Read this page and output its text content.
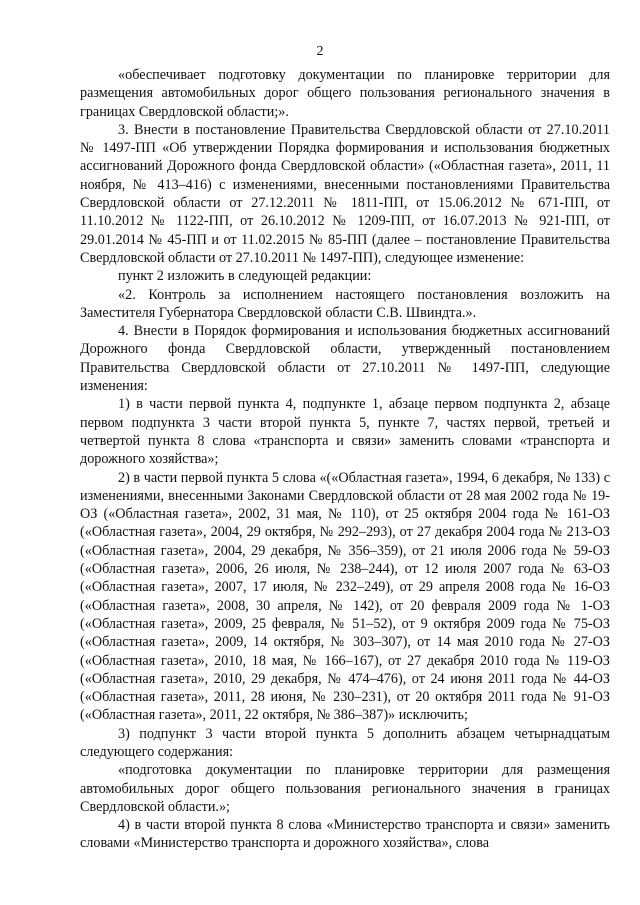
2

«обеспечивает подготовку документации по планировке территории для размещения автомобильных дорог общего пользования регионального значения в границах Свердловской области;».

3. Внести в постановление Правительства Свердловской области от 27.10.2011 № 1497-ПП «Об утверждении Порядка формирования и использования бюджетных ассигнований Дорожного фонда Свердловской области» («Областная газета», 2011, 11 ноября, № 413–416) с изменениями, внесенными постановлениями Правительства Свердловской области от 27.12.2011 № 1811-ПП, от 15.06.2012 № 671-ПП, от 11.10.2012 № 1122-ПП, от 26.10.2012 № 1209-ПП, от 16.07.2013 № 921-ПП, от 29.01.2014 № 45-ПП и от 11.02.2015 № 85-ПП (далее – постановление Правительства Свердловской области от 27.10.2011 № 1497-ПП), следующее изменение:

пункт 2 изложить в следующей редакции:

«2. Контроль за исполнением настоящего постановления возложить на Заместителя Губернатора Свердловской области С.В. Швиндта.».

4. Внести в Порядок формирования и использования бюджетных ассигнований Дорожного фонда Свердловской области, утвержденный постановлением Правительства Свердловской области от 27.10.2011 № 1497-ПП, следующие изменения:

1) в части первой пункта 4, подпункте 1, абзаце первом подпункта 2, абзаце первом подпункта 3 части второй пункта 5, пункте 7, частях первой, третьей и четвертой пункта 8 слова «транспорта и связи» заменить словами «транспорта и дорожного хозяйства»;

2) в части первой пункта 5 слова «(«Областная газета», 1994, 6 декабря, № 133) с изменениями, внесенными Законами Свердловской области от 28 мая 2002 года № 19-ОЗ («Областная газета», 2002, 31 мая, № 110), от 25 октября 2004 года № 161-ОЗ («Областная газета», 2004, 29 октября, № 292–293), от 27 декабря 2004 года № 213-ОЗ («Областная газета», 2004, 29 декабря, № 356–359), от 21 июля 2006 года № 59-ОЗ («Областная газета», 2006, 26 июля, № 238–244), от 12 июля 2007 года № 63-ОЗ («Областная газета», 2007, 17 июля, № 232–249), от 29 апреля 2008 года № 16-ОЗ («Областная газета», 2008, 30 апреля, № 142), от 20 февраля 2009 года № 1-ОЗ («Областная газета», 2009, 25 февраля, № 51–52), от 9 октября 2009 года № 75-ОЗ («Областная газета», 2009, 14 октября, № 303–307), от 14 мая 2010 года № 27-ОЗ («Областная газета», 2010, 18 мая, № 166–167), от 27 декабря 2010 года № 119-ОЗ («Областная газета», 2010, 29 декабря, № 474–476), от 24 июня 2011 года № 44-ОЗ («Областная газета», 2011, 28 июня, № 230–231), от 20 октября 2011 года № 91-ОЗ («Областная газета», 2011, 22 октября, № 386–387)» исключить;

3) подпункт 3 части второй пункта 5 дополнить абзацем четырнадцатым следующего содержания:

«подготовка документации по планировке территории для размещения автомобильных дорог общего пользования регионального значения в границах Свердловской области.»;

4) в части второй пункта 8 слова «Министерство транспорта и связи» заменить словами «Министерство транспорта и дорожного хозяйства», слова
